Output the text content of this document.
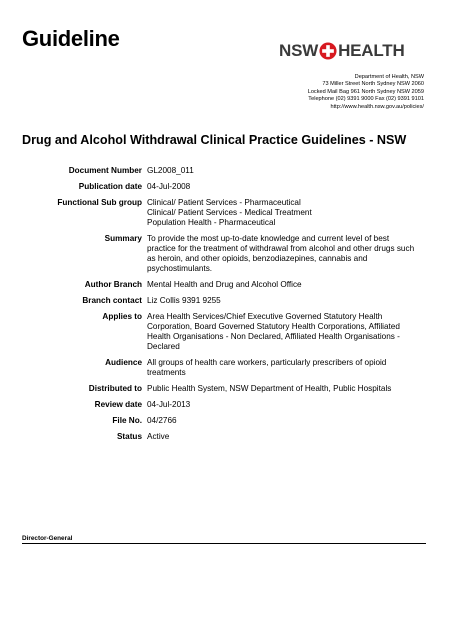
Guideline	NSW HEALTH
Department of Health, NSW
73 Miller Street North Sydney NSW 2060
Locked Mail Bag 961 North Sydney NSW 2059
Telephone (02) 9391 9000 Fax (02) 9391 9101
http://www.health.nsw.gov.au/policies/
Drug and Alcohol Withdrawal Clinical Practice Guidelines - NSW
Document Number GL2008_011
Publication date 04-Jul-2008
Functional Sub group Clinical/ Patient Services - Pharmaceutical
Clinical/ Patient Services - Medical Treatment
Population Health - Pharmaceutical
Summary To provide the most up-to-date knowledge and current level of best
practice for the treatment of withdrawal from alcohol and other drugs such
as heroin, and other opioids, benzodiazepines, cannabis and
psychostimulants.
Author Branch Mental Health and Drug and Alcohol Office
Branch contact Liz Collis 9391 9255
Applies to Area Health Services/Chief Executive Governed Statutory Health
Corporation, Board Governed Statutory Health Corporations, Affiliated
Health Organisations - Non Declared, Affiliated Health Organisations -
Declared
Audience All groups of health care workers, particularly prescribers of opioid
treatments
Distributed to Public Health System, NSW Department of Health, Public Hospitals
Review date 04-Jul-2013
File No. 04/2766
Status Active
Director-General
